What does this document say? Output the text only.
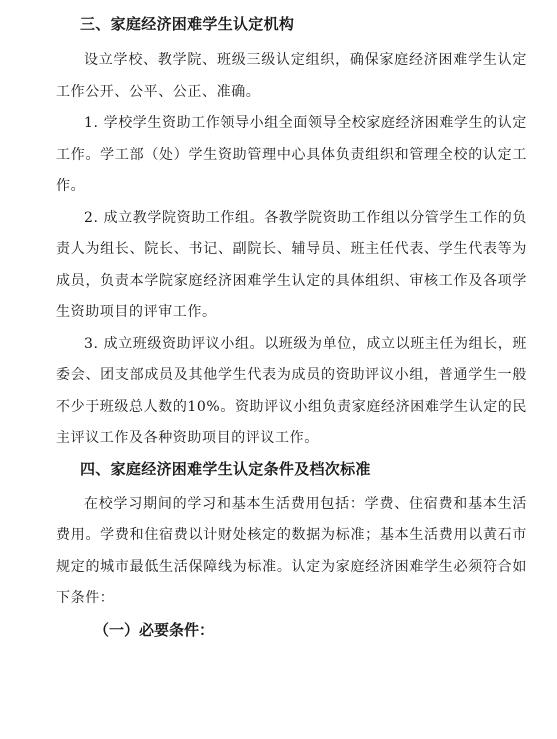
三、家庭经济困难学生认定机构

设立学校、教学院、班级三级认定组织，确保家庭经济困难学生认定工作公开、公平、公正、准确。

1. 学校学生资助工作领导小组全面领导全校家庭经济困难学生的认定工作。学工部（处）学生资助管理中心具体负责组织和管理全校的认定工作。

2. 成立教学院资助工作组。各教学院资助工作组以分管学生工作的负责人为组长、院长、书记、副院长、辅导员、班主任代表、学生代表等为成员，负责本学院家庭经济困难学生认定的具体组织、审核工作及各项学生资助项目的评审工作。

3. 成立班级资助评议小组。以班级为单位，成立以班主任为组长，班委会、团支部成员及其他学生代表为成员的资助评议小组，普通学生一般不少于班级总人数的10%。资助评议小组负责家庭经济困难学生认定的民主评议工作及各种资助项目的评议工作。

四、家庭经济困难学生认定条件及档次标准

在校学习期间的学习和基本生活费用包括：学费、住宿费和基本生活费用。学费和住宿费以计财处核定的数据为标准；基本生活费用以黄石市规定的城市最低生活保障线为标准。认定为家庭经济困难学生必须符合如下条件：

（一）必要条件：
